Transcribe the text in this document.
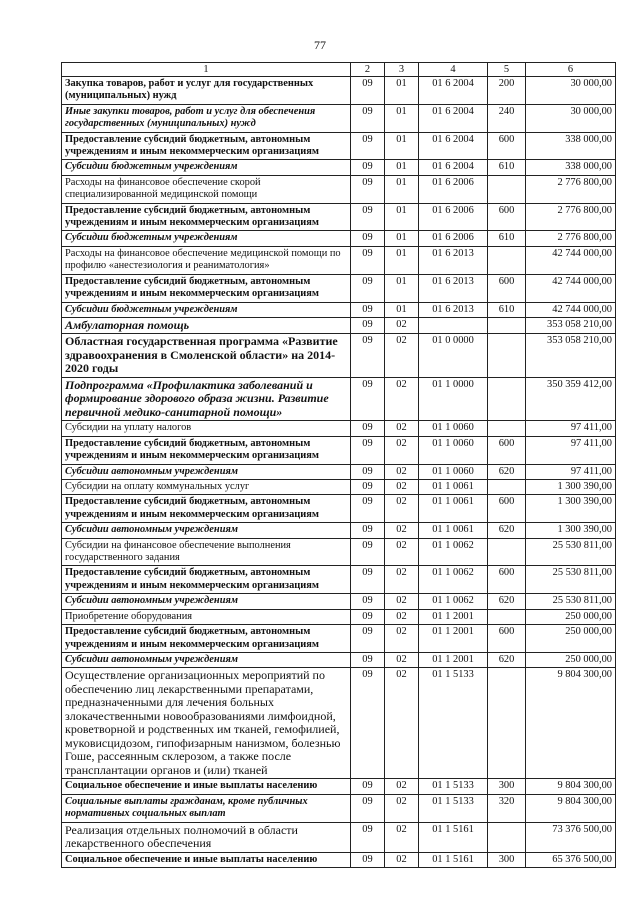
77
1	2	3	4	5	6
Закупка товаров, работ и услуг для государственных (муниципальных) нужд	09	01	01 6 2004	200	30 000,00
Иные закупки товаров, работ и услуг для обеспечения государственных (муниципальных) нужд	09	01	01 6 2004	240	30 000,00
Предоставление субсидий бюджетным, автономным учреждениям и иным некоммерческим организациям	09	01	01 6 2004	600	338 000,00
Субсидии бюджетным учреждениям	09	01	01 6 2004	610	338 000,00
Расходы на финансовое обеспечение скорой специализированной медицинской помощи	09	01	01 6 2006		2 776 800,00
Предоставление субсидий бюджетным, автономным учреждениям и иным некоммерческим организациям	09	01	01 6 2006	600	2 776 800,00
Субсидии бюджетным учреждениям	09	01	01 6 2006	610	2 776 800,00
Расходы на финансовое обеспечение медицинской помощи по профилю «анестезиология и реаниматология»	09	01	01 6 2013		42 744 000,00
Предоставление субсидий бюджетным, автономным учреждениям и иным некоммерческим организациям	09	01	01 6 2013	600	42 744 000,00
Субсидии бюджетным учреждениям	09	01	01 6 2013	610	42 744 000,00
Амбулаторная помощь	09	02			353 058 210,00
Областная государственная программа «Развитие здравоохранения в Смоленской области» на 2014-2020 годы	09	02	01 0 0000		353 058 210,00
Подпрограмма «Профилактика заболеваний и формирование здорового образа жизни. Развитие первичной медико-санитарной помощи»	09	02	01 1 0000		350 359 412,00
Субсидии на уплату налогов	09	02	01 1 0060		97 411,00
Предоставление субсидий бюджетным, автономным учреждениям и иным некоммерческим организациям	09	02	01 1 0060	600	97 411,00
Субсидии автономным учреждениям	09	02	01 1 0060	620	97 411,00
Субсидии на оплату коммунальных услуг	09	02	01 1 0061		1 300 390,00
Предоставление субсидий бюджетным, автономным учреждениям и иным некоммерческим организациям	09	02	01 1 0061	600	1 300 390,00
Субсидии автономным учреждениям	09	02	01 1 0061	620	1 300 390,00
Субсидии на финансовое обеспечение выполнения государственного задания	09	02	01 1 0062		25 530 811,00
Предоставление субсидий бюджетным, автономным учреждениям и иным некоммерческим организациям	09	02	01 1 0062	600	25 530 811,00
Субсидии автономным учреждениям	09	02	01 1 0062	620	25 530 811,00
Приобретение оборудования	09	02	01 1 2001		250 000,00
Предоставление субсидий бюджетным, автономным учреждениям и иным некоммерческим организациям	09	02	01 1 2001	600	250 000,00
Субсидии автономным учреждениям	09	02	01 1 2001	620	250 000,00
Осуществление организационных мероприятий по обеспечению лиц лекарственными препаратами, предназначенными для лечения больных злокачественными новообразованиями лимфоидной, кроветворной и родственных им тканей, гемофилией, муковисцидозом, гипофизарным нанизмом, болезнью Гоше, рассеянным склерозом, а также после трансплантации органов и (или) тканей	09	02	01 1 5133		9 804 300,00
Социальное обеспечение и иные выплаты населению	09	02	01 1 5133	300	9 804 300,00
Социальные выплаты гражданам, кроме публичных нормативных социальных выплат	09	02	01 1 5133	320	9 804 300,00
Реализация отдельных полномочий в области лекарственного обеспечения	09	02	01 1 5161		73 376 500,00
Социальное обеспечение и иные выплаты населению	09	02	01 1 5161	300	65 376 500,00
